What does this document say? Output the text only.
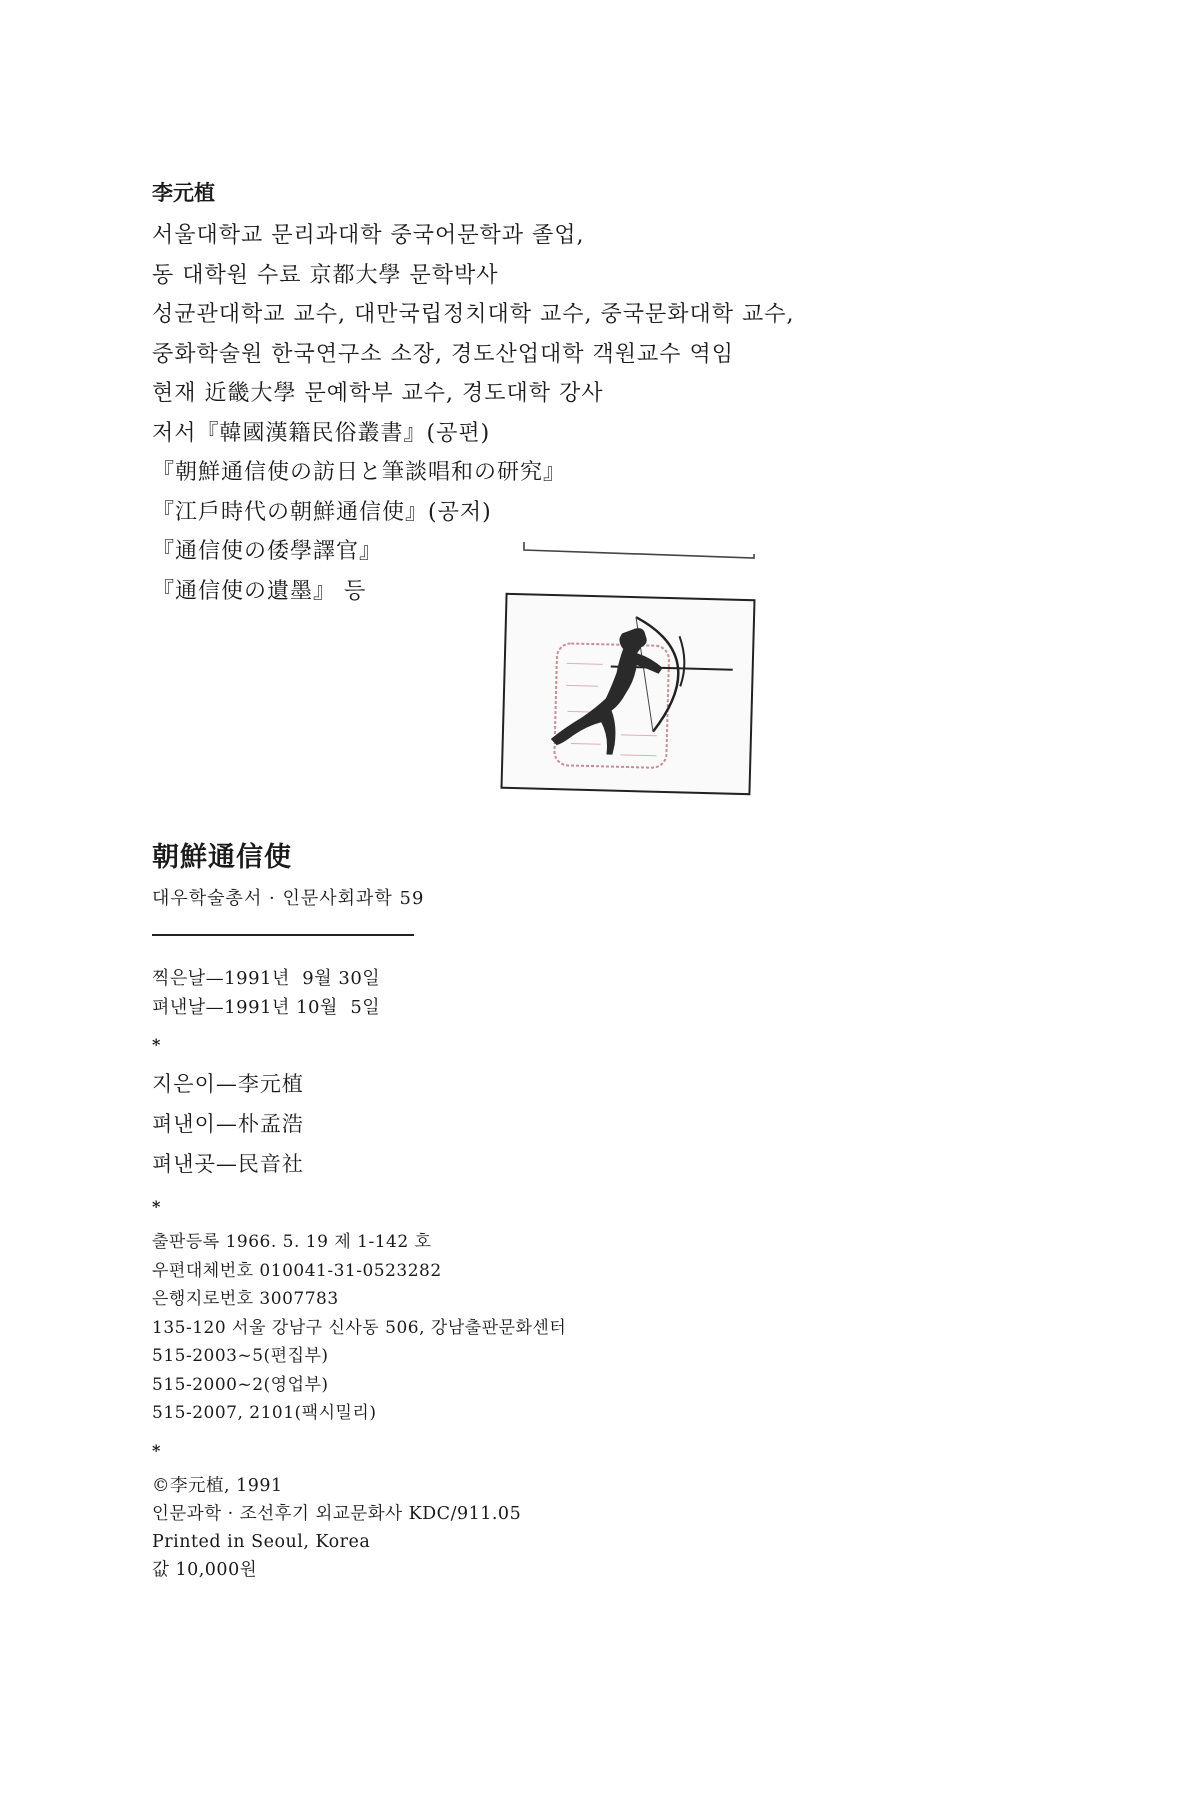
李元植
서울대학교 문리과대학 중국어문학과 졸업,
동 대학원 수료 京都大學 문학박사
성균관대학교 교수, 대만국립정치대학 교수, 중국문화대학 교수,
중화학술원 한국연구소 소장, 경도산업대학 객원교수 역임
현재 近畿大學 문예학부 교수, 경도대학 강사
저서『韓國漢籍民俗叢書』(공편)
『朝鮮通信使の訪日と筆談唱和の研究』
『江戶時代の朝鮮通信使』(공저)
『通信使の倭學譯官』
『通信使の遺墨』 등
朝鮮通信使
대우학술총서 · 인문사회과학 59
찍은날—1991년  9월 30일
펴낸날—1991년 10월  5일
*
지은이—李元植
펴낸이—朴孟浩
펴낸곳—民音社
*
출판등록 1966. 5. 19 제 1-142 호
우편대체번호 010041-31-0523282
은행지로번호 3007783
135-120 서울 강남구 신사동 506, 강남출판문화센터
515-2003~5(편집부)
515-2000~2(영업부)
515-2007, 2101(팩시밀리)
*
©李元植, 1991
인문과학 · 조선후기 외교문화사 KDC/911.05
Printed in Seoul, Korea
값 10,000원
